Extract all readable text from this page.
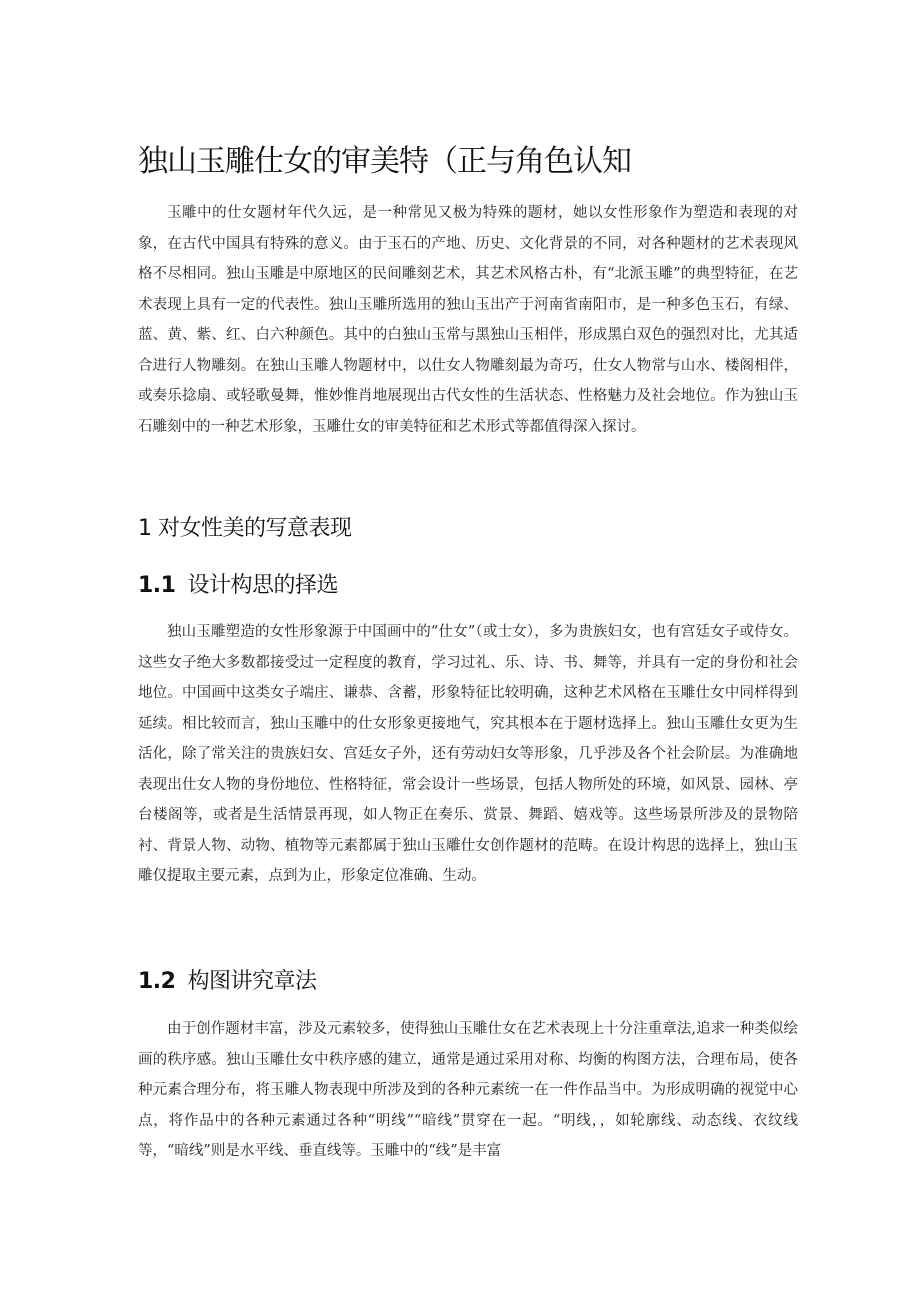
独山玉雕仕女的审美特（正与角色认知

玉雕中的仕女题材年代久远，是一种常见又极为特殊的题材，她以女性形象作为塑造和表现的对象，在古代中国具有特殊的意义。由于玉石的产地、历史、文化背景的不同，对各种题材的艺术表现风格不尽相同。独山玉雕是中原地区的民间雕刻艺术，其艺术风格古朴，有“北派玉雕”的典型特征，在艺术表现上具有一定的代表性。独山玉雕所选用的独山玉出产于河南省南阳市，是一种多色玉石，有绿、蓝、黄、紫、红、白六种颜色。其中的白独山玉常与黑独山玉相伴，形成黑白双色的强烈对比，尤其适合进行人物雕刻。在独山玉雕人物题材中，以仕女人物雕刻最为奇巧，仕女人物常与山水、楼阁相伴，或奏乐捻扇、或轻歌曼舞，惟妙惟肖地展现出古代女性的生活状态、性格魅力及社会地位。作为独山玉石雕刻中的一种艺术形象，玉雕仕女的审美特征和艺术形式等都值得深入探讨。

1 对女性美的写意表现
1.1 设计构思的择选

独山玉雕塑造的女性形象源于中国画中的“仕女”（或士女），多为贵族妇女，也有宫廷女子或侍女。这些女子绝大多数都接受过一定程度的教育，学习过礼、乐、诗、书、舞等，并具有一定的身份和社会地位。中国画中这类女子端庄、谦恭、含蓄，形象特征比较明确，这种艺术风格在玉雕仕女中同样得到延续。相比较而言，独山玉雕中的仕女形象更接地气，究其根本在于题材选择上。独山玉雕仕女更为生活化，除了常关注的贵族妇女、宫廷女子外，还有劳动妇女等形象，几乎涉及各个社会阶层。为准确地表现出仕女人物的身份地位、性格特征，常会设计一些场景，包括人物所处的环境，如风景、园林、亭台楼阁等，或者是生活情景再现，如人物正在奏乐、赏景、舞蹈、嬉戏等。这些场景所涉及的景物陪衬、背景人物、动物、植物等元素都属于独山玉雕仕女创作题材的范畴。在设计构思的选择上，独山玉雕仅提取主要元素，点到为止，形象定位准确、生动。

1.2 构图讲究章法

由于创作题材丰富，涉及元素较多，使得独山玉雕仕女在艺术表现上十分注重章法,追求一种类似绘画的秩序感。独山玉雕仕女中秩序感的建立，通常是通过采用对称、均衡的构图方法，合理布局，使各种元素合理分布，将玉雕人物表现中所涉及到的各种元素统一在一件作品当中。为形成明确的视觉中心点，将作品中的各种元素通过各种“明线”“暗线”贯穿在一起。“明线，，如轮廓线、动态线、衣纹线等，“暗线”则是水平线、垂直线等。玉雕中的“线”是丰富
